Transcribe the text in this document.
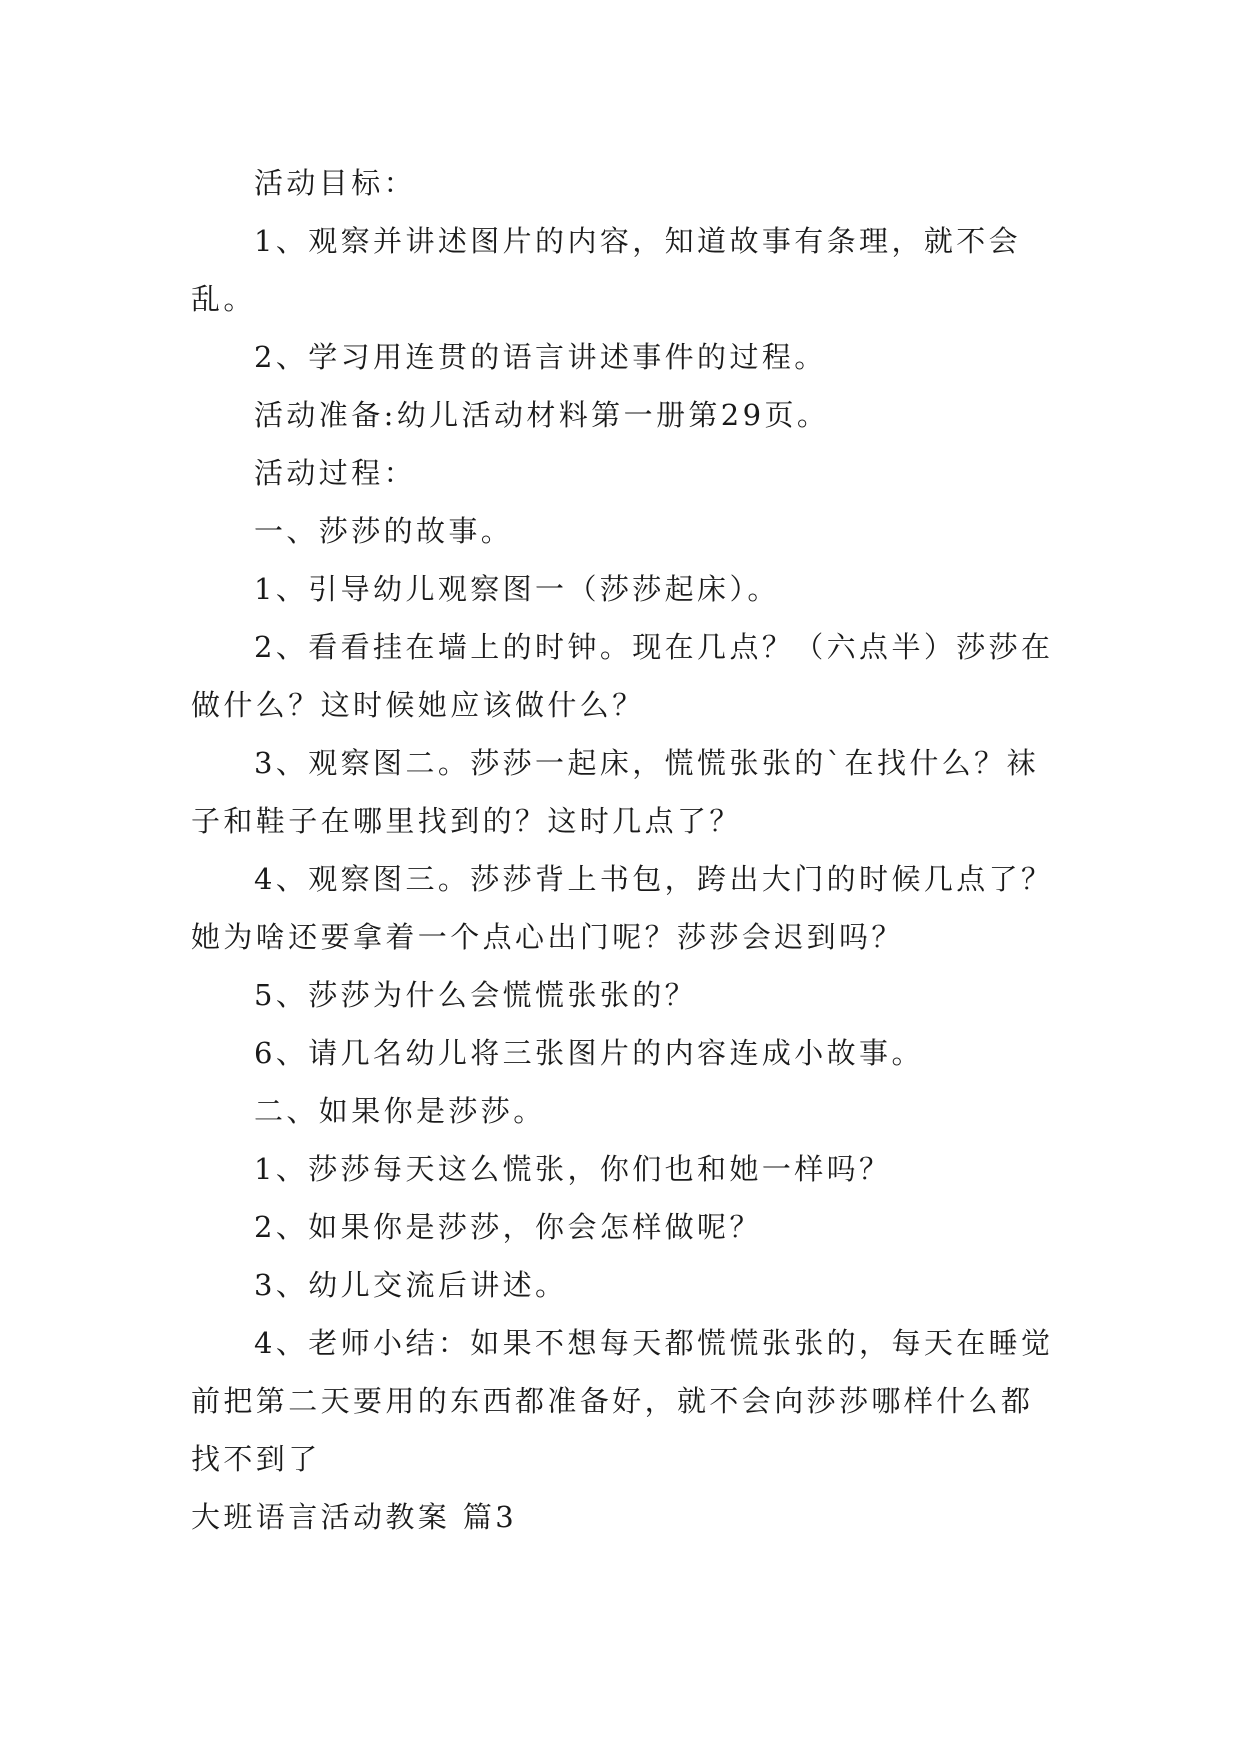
活动目标：

1、观察并讲述图片的内容，知道故事有条理，就不会乱。

2、学习用连贯的语言讲述事件的过程。

活动准备:幼儿活动材料第一册第29页。

活动过程：

一、莎莎的故事。

1、引导幼儿观察图一（莎莎起床）。

2、看看挂在墙上的时钟。现在几点？（六点半）莎莎在做什么？这时候她应该做什么？

3、观察图二。莎莎一起床，慌慌张张的`在找什么？袜子和鞋子在哪里找到的？这时几点了？

4、观察图三。莎莎背上书包，跨出大门的时候几点了？她为啥还要拿着一个点心出门呢？莎莎会迟到吗？

5、莎莎为什么会慌慌张张的？

6、请几名幼儿将三张图片的内容连成小故事。

二、如果你是莎莎。

1、莎莎每天这么慌张，你们也和她一样吗？

2、如果你是莎莎，你会怎样做呢？

3、幼儿交流后讲述。

4、老师小结：如果不想每天都慌慌张张的，每天在睡觉前把第二天要用的东西都准备好，就不会向莎莎哪样什么都找不到了

大班语言活动教案 篇3
